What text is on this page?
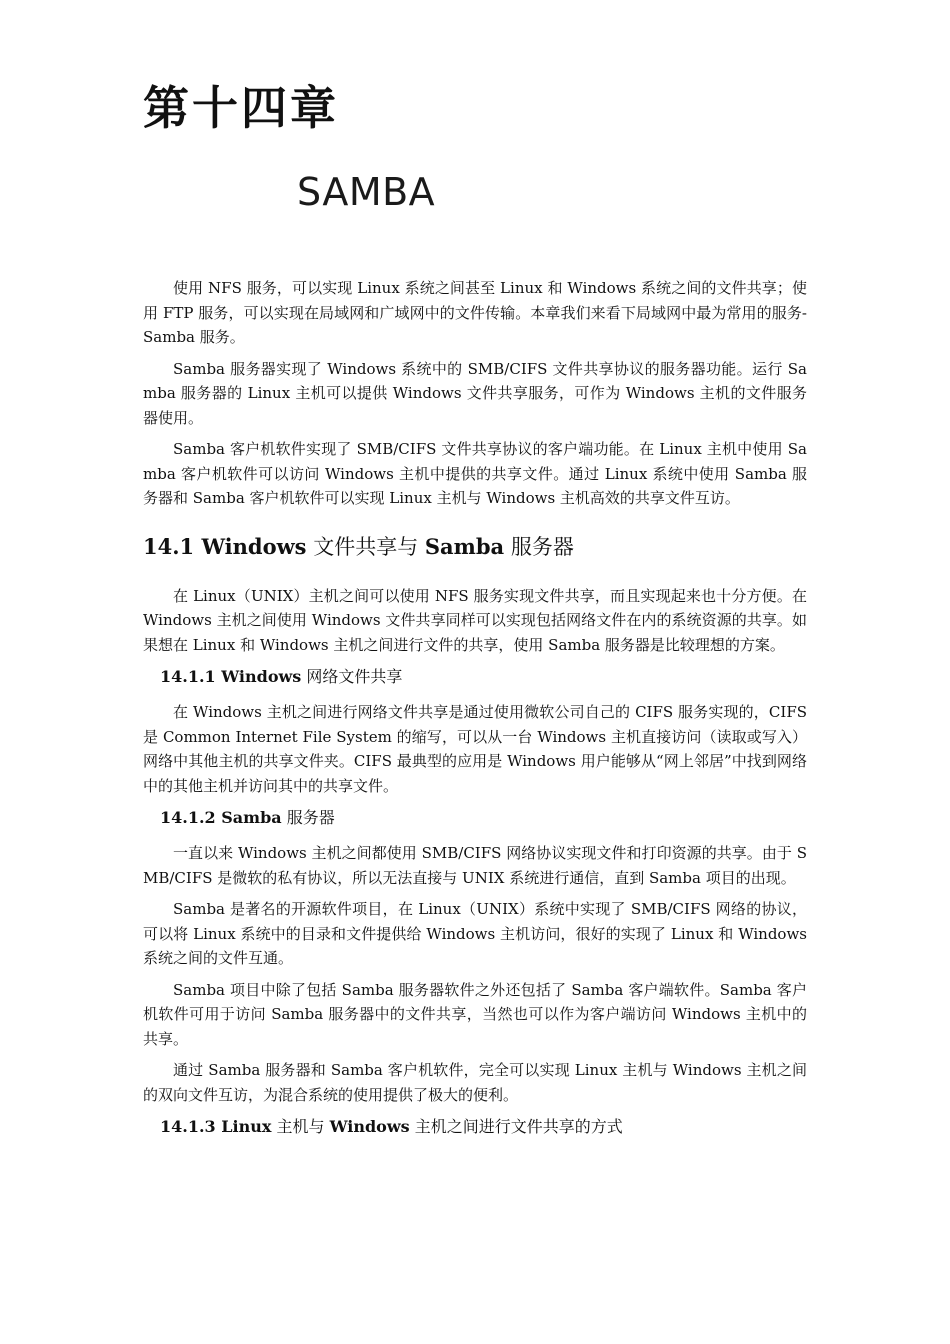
第十四章
SAMBA

使用 NFS 服务，可以实现 Linux 系统之间甚至 Linux 和 Windows 系统之间的文件共享；使用 FTP 服务，可以实现在局域网和广域网中的文件传输。本章我们来看下局域网中最为常用的服务-Samba 服务。

Samba 服务器实现了 Windows 系统中的 SMB/CIFS 文件共享协议的服务器功能。运行 Samba 服务器的 Linux 主机可以提供 Windows 文件共享服务，可作为 Windows 主机的文件服务器使用。

Samba 客户机软件实现了 SMB/CIFS 文件共享协议的客户端功能。在 Linux 主机中使用 Samba 客户机软件可以访问 Windows 主机中提供的共享文件。通过 Linux 系统中使用 Samba 服务器和 Samba 客户机软件可以实现 Linux 主机与 Windows 主机高效的共享文件互访。

14.1 Windows 文件共享与 Samba 服务器

在 Linux（UNIX）主机之间可以使用 NFS 服务实现文件共享，而且实现起来也十分方便。在 Windows 主机之间使用 Windows 文件共享同样可以实现包括网络文件在内的系统资源的共享。如果想在 Linux 和 Windows 主机之间进行文件的共享，使用 Samba 服务器是比较理想的方案。

14.1.1 Windows 网络文件共享

在 Windows 主机之间进行网络文件共享是通过使用微软公司自己的 CIFS 服务实现的，CIFS 是 Common Internet File System 的缩写，可以从一台 Windows 主机直接访问（读取或写入）网络中其他主机的共享文件夹。CIFS 最典型的应用是 Windows 用户能够从“网上邻居”中找到网络中的其他主机并访问其中的共享文件。

14.1.2 Samba 服务器

一直以来 Windows 主机之间都使用 SMB/CIFS 网络协议实现文件和打印资源的共享。由于 SMB/CIFS 是微软的私有协议，所以无法直接与 UNIX 系统进行通信，直到 Samba 项目的出现。

Samba 是著名的开源软件项目，在 Linux（UNIX）系统中实现了 SMB/CIFS 网络的协议，可以将 Linux 系统中的目录和文件提供给 Windows 主机访问，很好的实现了 Linux 和 Windows 系统之间的文件互通。

Samba 项目中除了包括 Samba 服务器软件之外还包括了 Samba 客户端软件。Samba 客户机软件可用于访问 Samba 服务器中的文件共享，当然也可以作为客户端访问 Windows 主机中的共享。

通过 Samba 服务器和 Samba 客户机软件，完全可以实现 Linux 主机与 Windows 主机之间的双向文件互访，为混合系统的使用提供了极大的便利。

14.1.3 Linux 主机与 Windows 主机之间进行文件共享的方式
